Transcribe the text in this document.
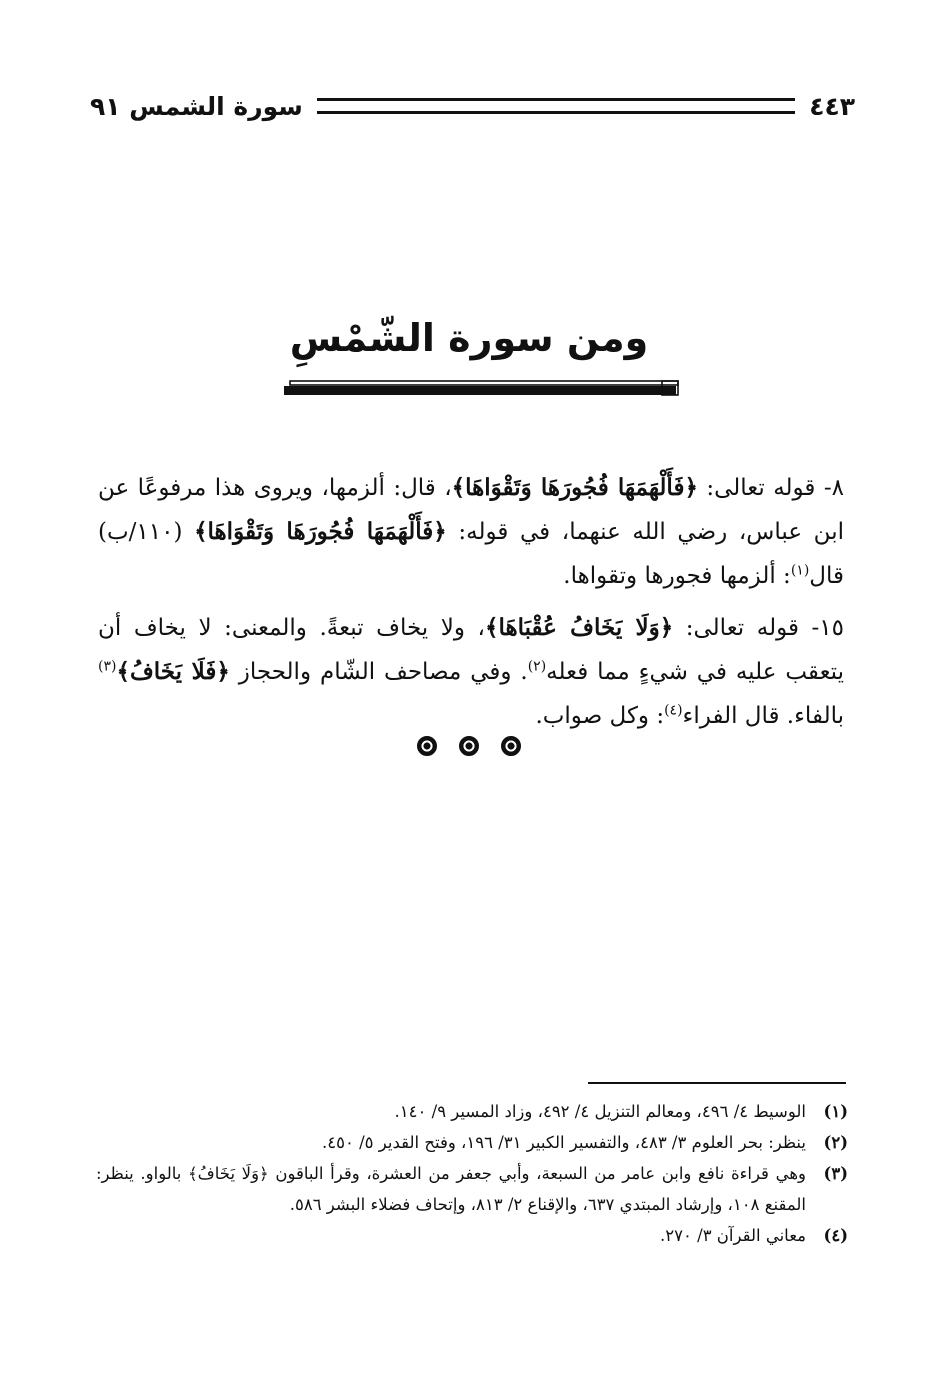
سورة الشمس ٩١	٤٤٣
ومن سورة الشّمْسِ

٨- قوله تعالى: ﴿فَأَلْهَمَهَا فُجُورَهَا وَتَقْوَاهَا﴾، قال: ألزمها، ويروى هذا مرفوعًا عن ابن عباس، رضي الله عنهما، في قوله: ﴿فَأَلْهَمَهَا فُجُورَهَا وَتَقْوَاهَا﴾ (١١٠/ب) قال$^{(١)}$: ألزمها فجورها وتقواها.

١٥- قوله تعالى: ﴿وَلَا يَخَافُ عُقْبَاهَا﴾، ولا يخاف تبعةً. والمعنى: لا يخاف أن يتعقب عليه في شيءٍ مما فعله$^{(٢)}$. وفي مصاحف الشّام والحجاز ﴿فَلَا يَخَافُ﴾$^{(٣)}$ بالفاء. قال الفراء$^{(٤)}$: وكل صواب.

(١)
الوسيط ٤/ ٤٩٦، ومعالم التنزيل ٤/ ٤٩٢، وزاد المسير ٩/ ١٤٠.
(٢)
ينظر: بحر العلوم ٣/ ٤٨٣، والتفسير الكبير ٣١/ ١٩٦، وفتح القدير ٥/ ٤٥٠.
(٣)
وهي قراءة نافع وابن عامر من السبعة، وأبي جعفر من العشرة، وقرأ الباقون ﴿وَلَا يَخَافُ﴾ بالواو. ينظر: المقنع ١٠٨، وإرشاد المبتدي ٦٣٧، والإقناع ٢/ ٨١٣، وإتحاف فضلاء البشر ٥٨٦.
(٤)
معاني القرآن ٣/ ٢٧٠.
